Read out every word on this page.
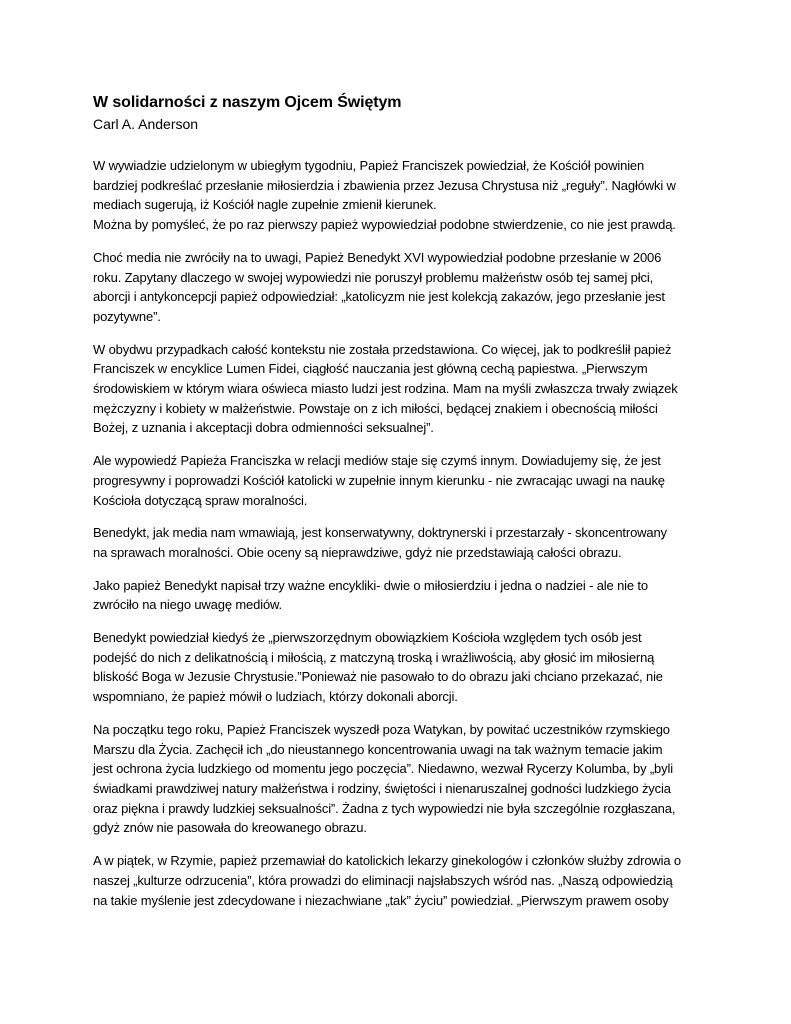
W solidarności z naszym Ojcem Świętym

Carl A. Anderson

W wywiadzie udzielonym w ubiegłym tygodniu, Papież Franciszek powiedział, że Kościół powinien
bardziej podkreślać przesłanie miłosierdzia i zbawienia przez Jezusa Chrystusa niż „reguły”. Nagłówki w
mediach sugerują, iż Kościół nagle zupełnie zmienił kierunek.
Można by pomyśleć, że po raz pierwszy papież wypowiedział podobne stwierdzenie, co nie jest prawdą.

Choć media nie zwróciły na to uwagi, Papież Benedykt XVI wypowiedział podobne przesłanie w 2006
roku. Zapytany dlaczego w swojej wypowiedzi nie poruszył problemu małżeństw osób tej samej płci,
aborcji i antykoncepcji papież odpowiedział: „katolicyzm nie jest kolekcją zakazów, jego przesłanie jest
pozytywne”.

W obydwu przypadkach całość kontekstu nie została przedstawiona. Co więcej, jak to podkreślił papież
Franciszek w encyklice Lumen Fidei, ciągłość nauczania jest główną cechą papiestwa. „Pierwszym
środowiskiem w którym wiara oświeca miasto ludzi jest rodzina. Mam na myśli zwłaszcza trwały związek
mężczyzny i kobiety w małżeństwie. Powstaje on z ich miłości, będącej znakiem i obecnością miłości
Bożej, z uznania i akceptacji dobra odmienności seksualnej”.

Ale wypowiedź Papieża Franciszka w relacji mediów staje się czymś innym. Dowiadujemy się, że jest
progresywny i poprowadzi Kościół katolicki w zupełnie innym kierunku - nie zwracając uwagi na naukę
Kościoła dotyczącą spraw moralności.

Benedykt, jak media nam wmawiają, jest konserwatywny, doktrynerski i przestarzały - skoncentrowany
na sprawach moralności. Obie oceny są nieprawdziwe, gdyż nie przedstawiają całości obrazu.

Jako papież Benedykt napisał trzy ważne encykliki- dwie o miłosierdziu i jedna o nadziei - ale nie to
zwróciło na niego uwagę mediów.

Benedykt powiedział kiedyś że „pierwszorzędnym obowiązkiem Kościoła względem tych osób jest
podejść do nich z delikatnością i miłością, z matczyną troską i wrażliwością, aby głosić im miłosierną
bliskość Boga w Jezusie Chrystusie.”Ponieważ nie pasowało to do obrazu jaki chciano przekazać, nie
wspomniano, że papież mówił o ludziach, którzy dokonali aborcji.

Na początku tego roku, Papież Franciszek wyszedł poza Watykan, by powitać uczestników rzymskiego
Marszu dla Życia. Zachęcił ich „do nieustannego koncentrowania uwagi na tak ważnym temacie jakim
jest ochrona życia ludzkiego od momentu jego poczęcia”. Niedawno, wezwał Rycerzy Kolumba, by „byli
świadkami prawdziwej natury małżeństwa i rodziny, świętości i nienaruszalnej godności ludzkiego życia
oraz piękna i prawdy ludzkiej seksualności”. Żadna z tych wypowiedzi nie była szczególnie rozgłaszana,
gdyż znów nie pasowała do kreowanego obrazu.

A w piątek, w Rzymie, papież przemawiał do katolickich lekarzy ginekologów i członków służby zdrowia o
naszej „kulturze odrzucenia”, która prowadzi do eliminacji najsłabszych wśród nas. „Naszą odpowiedzią
na takie myślenie jest zdecydowane i niezachwiane „tak” życiu” powiedział. „Pierwszym prawem osoby
